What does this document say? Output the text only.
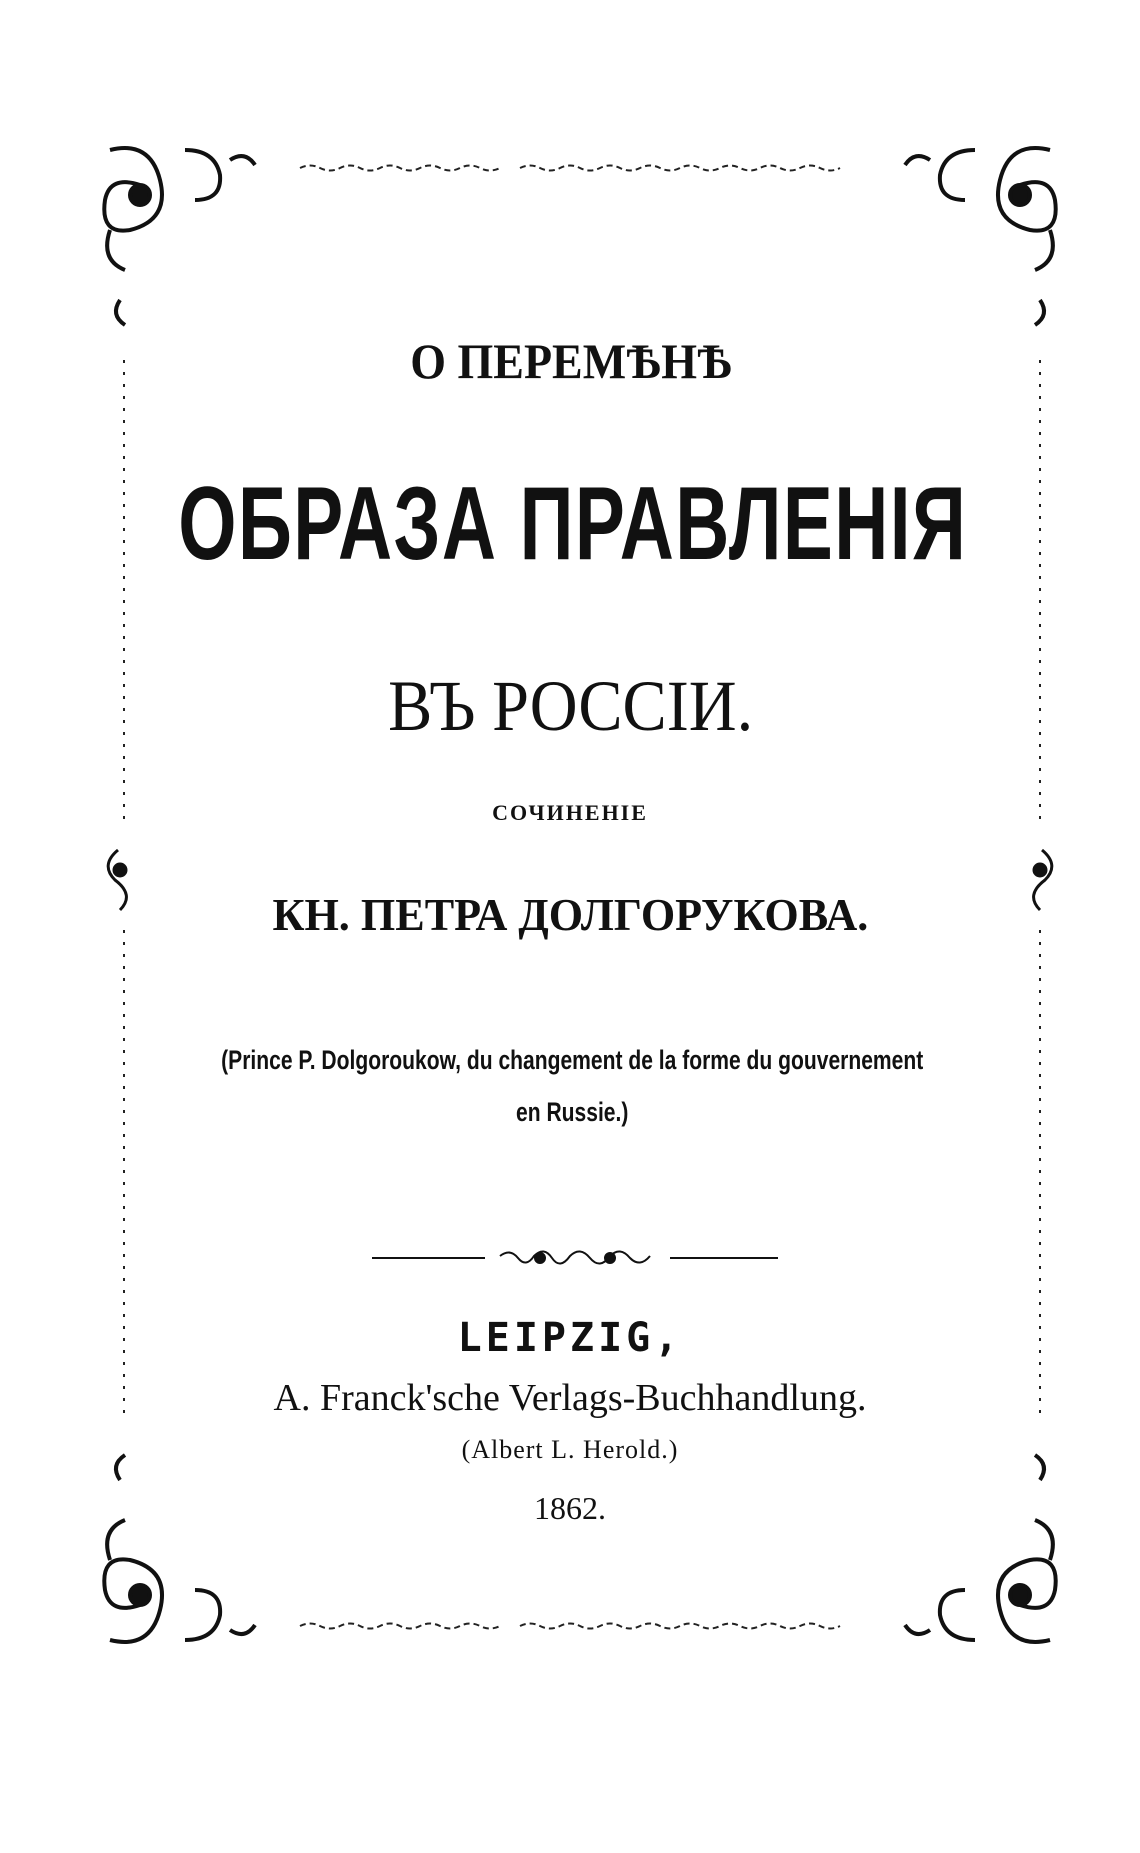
О ПЕРЕМѢНѢ
ОБРАЗА ПРАВЛЕНІЯ
ВЪ РОССІИ.
СОЧИНЕНІЕ
КН. ПЕТРА ДОЛГОРУКОВА.
(Prince P. Dolgoroukow, du changement de la forme du gouvernement
en Russie.)
LEIPZIG,
A. Franck'sche Verlags-Buchhandlung.
(Albert L. Herold.)
1862.
